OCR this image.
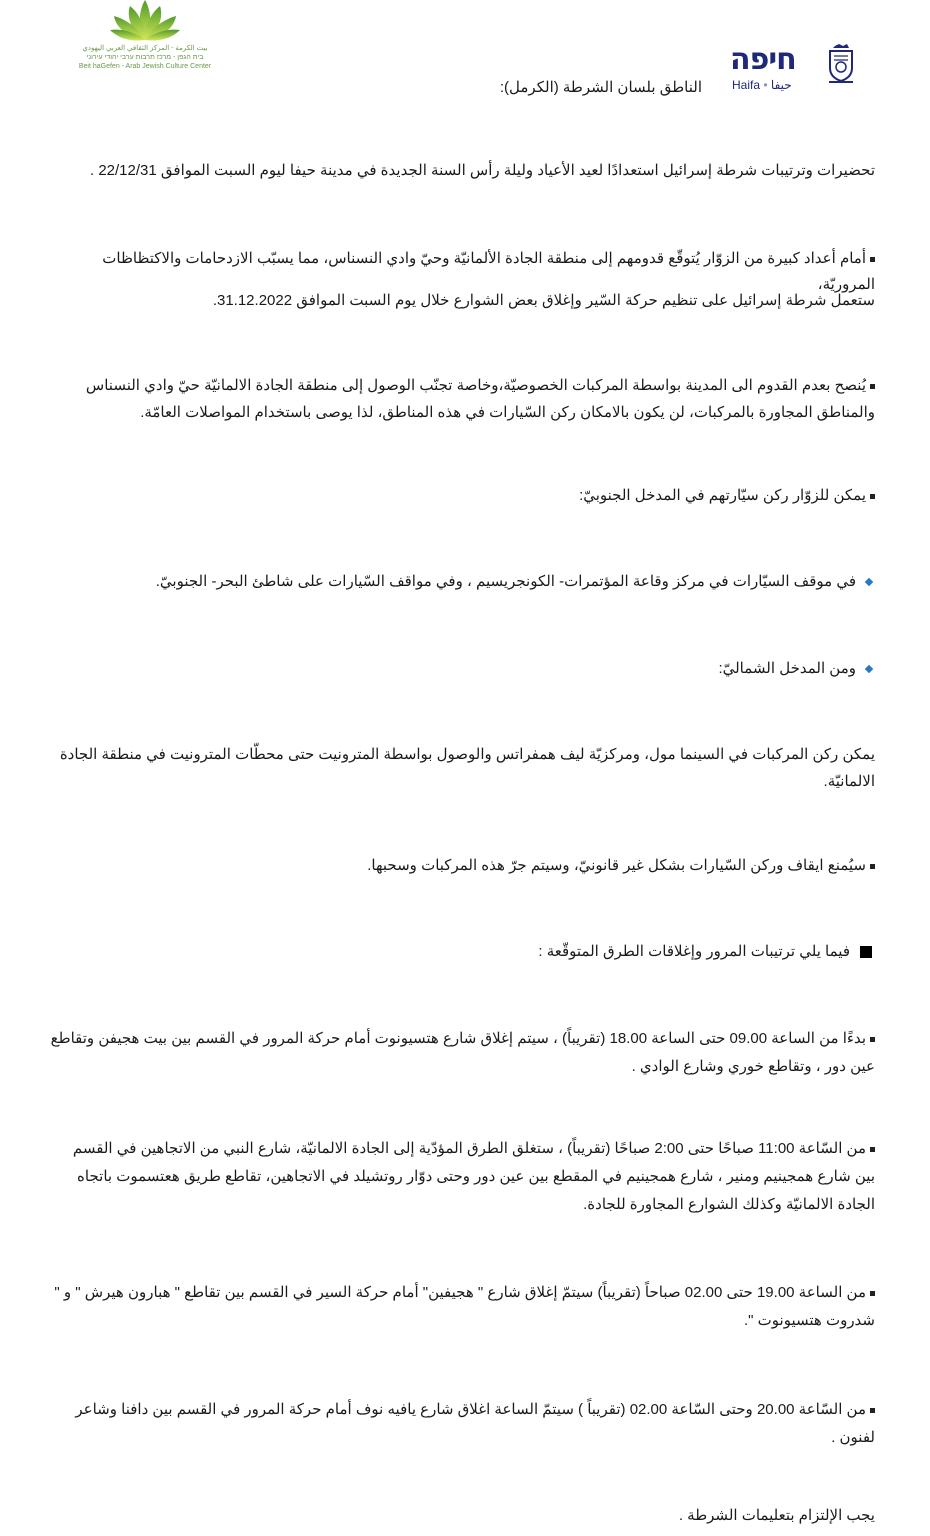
بيت الكرمة - المركز الثقافي العربي اليهودي
בית הגפן - מרכז תרבות ערבי יהודי עירוני
Beit haGefen - Arab Jewish Culture Center	חיפה
Haifa • حيفا
الناطق بلسان الشرطة (الكرمل):
تحضيرات وترتيبات شرطة إسرائيل استعدادًا لعيد الأعياد وليلة رأس السنة الجديدة في مدينة حيفا ليوم السبت الموافق 22/12/31 .
أمام أعداد كبيرة من الزوّار يُتوقّع قدومهم إلى منطقة الجادة الألمانيّة وحيّ وادي النسناس، مما يسبّب الازدحامات والاكتظاظات المروريّة،
ستعمل شرطة إسرائيل على تنظيم حركة السّير وإغلاق بعض الشوارع خلال يوم السبت الموافق 31.12.2022.
يُنصح بعدم القدوم الى المدينة بواسطة المركبات الخصوصيّة،وخاصة تجنّب الوصول إلى منطقة الجادة الالمانيّة حيّ وادي النسناس والمناطق المجاورة بالمركبات، لن يكون بالامكان ركن السّيارات في هذه المناطق، لذا يوصى باستخدام المواصلات العامّة.
يمكن للزوّار ركن سيّارتهم في المدخل الجنوبيّ:
في موقف السيّارات في مركز وقاعة المؤتمرات- الكونجريسيم ، وفي مواقف السّيارات على شاطئ البحر- الجنوبيّ.
ومن المدخل الشماليّ:
يمكن ركن المركبات في السينما مول، ومركزيّة ليف همفراتس والوصول بواسطة المترونيت حتى محطّات المترونيت في منطقة الجادة الالمانيّة.
سيُمنع ايقاف وركن السّيارات بشكل غير قانونيّ، وسيتم جرّ هذه المركبات وسحبها.
فيما يلي ترتيبات المرور وإغلاقات الطرق المتوقّعة :
بدءًا من الساعة 09.00 حتى الساعة 18.00 (تقريباً) ، سيتم إغلاق شارع هتسيونوت أمام حركة المرور في القسم بين بيت هجيفن وتقاطع عين دور ، وتقاطع خوري وشارع الوادي .
من السّاعة 11:00 صباحًا حتى 2:00 صباحًا (تقريباً) ، ستغلق الطرق المؤدّية إلى الجادة الالمانيّة، شارع النبي من الاتجاهين في القسم بين شارع همجينيم ومنير ، شارع همجينيم في المقطع بين عين دور وحتى دوّار روتشيلد في الاتجاهين، تقاطع طريق هعتسموت باتجاه الجادة الالمانيّة وكذلك الشوارع المجاورة للجادة.
من الساعة 19.00 حتى 02.00 صباحاً (تقريباً) سيتمّ إغلاق شارع " هجيفين" أمام حركة السير في القسم بين تقاطع " هبارون هيرش " و " شدروت هتسيونوت ".
من السّاعة 20.00 وحتى السّاعة 02.00 (تقريباً ) سيتمّ الساعة اغلاق شارع يافيه نوف أمام حركة المرور في القسم بين دافنا وشاعر لفنون .
يجب الإلتزام بتعليمات الشرطة .
